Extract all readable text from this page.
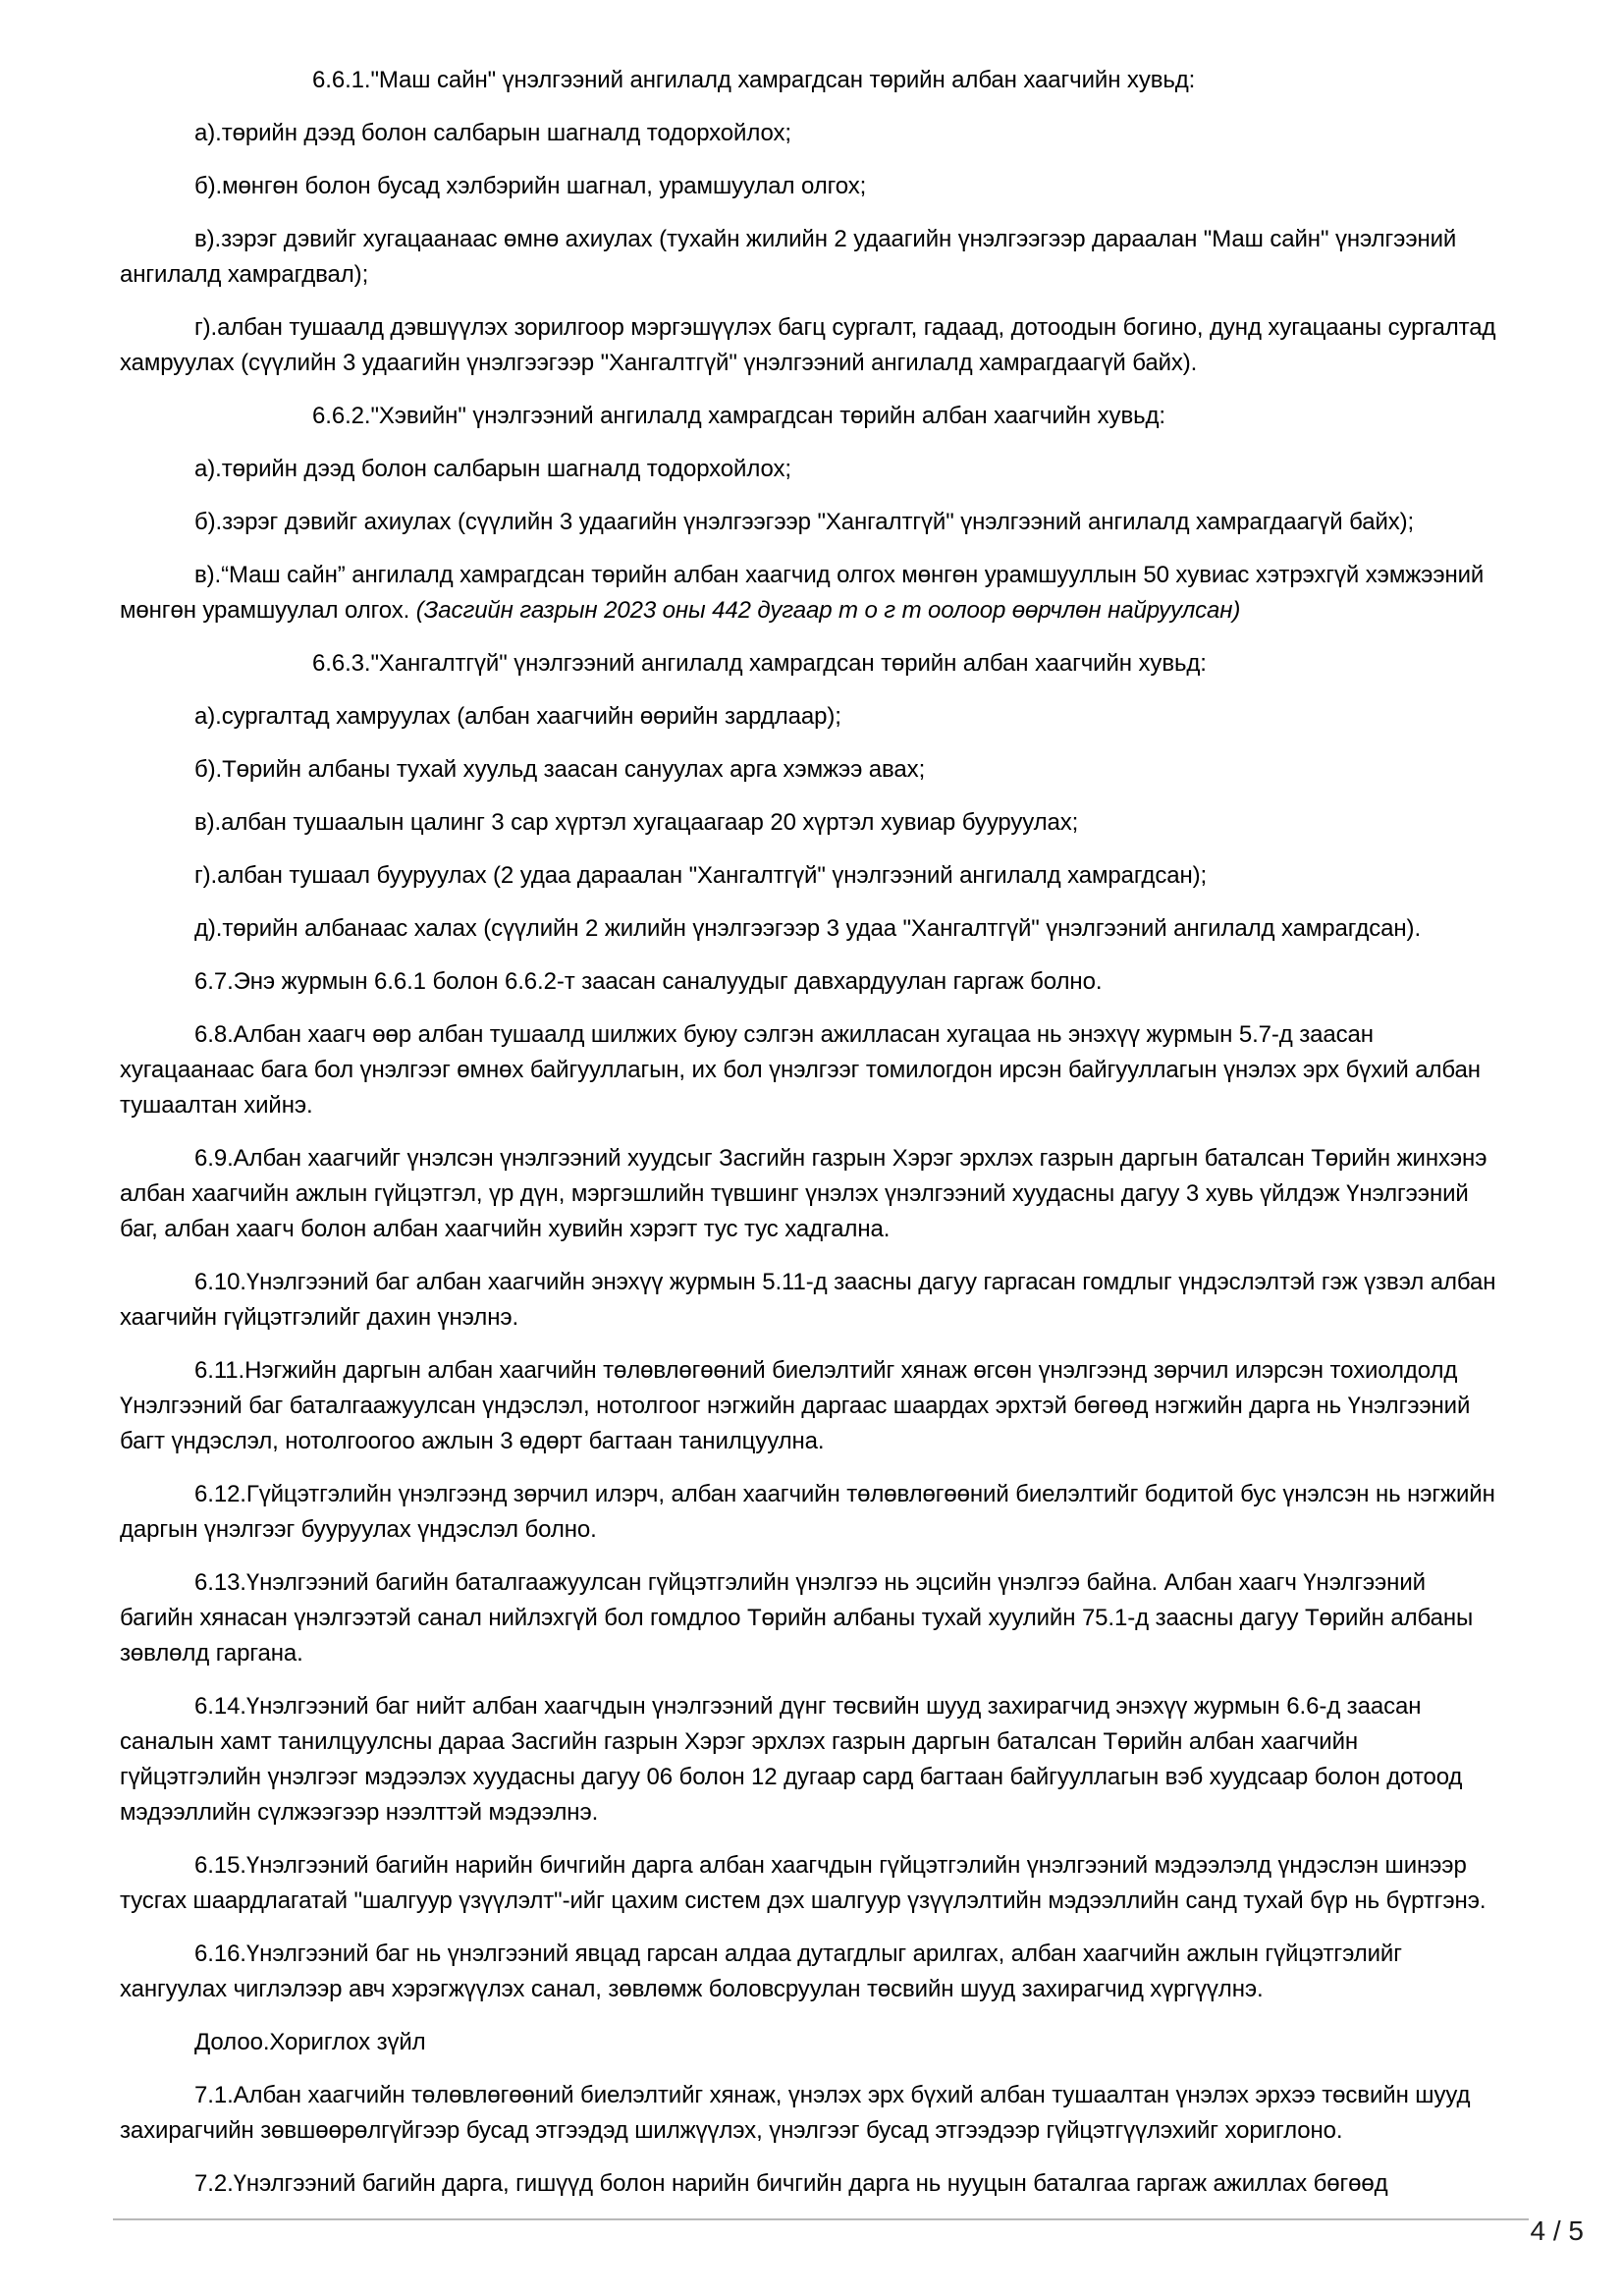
6.6.1."Маш сайн" үнэлгээний ангилалд хамрагдсан төрийн албан хаагчийн хувьд:

а).төрийн дээд болон салбарын шагналд тодорхойлох;

б).мөнгөн болон бусад хэлбэрийн шагнал, урамшуулал олгох;

в).зэрэг дэвийг хугацаанаас өмнө ахиулах (тухайн жилийн 2 удаагийн үнэлгээгээр дараалан "Маш сайн" үнэлгээний ангилалд хамрагдвал);

г).албан тушаалд дэвшүүлэх зорилгоор мэргэшүүлэх багц сургалт, гадаад, дотоодын богино, дунд хугацааны сургалтад хамруулах (сүүлийн 3 удаагийн үнэлгээгээр "Хангалтгүй" үнэлгээний ангилалд хамрагдаагүй байх).

6.6.2."Хэвийн" үнэлгээний ангилалд хамрагдсан төрийн албан хаагчийн хувьд:

а).төрийн дээд болон салбарын шагналд тодорхойлох;

б).зэрэг дэвийг ахиулах (сүүлийн 3 удаагийн үнэлгээгээр "Хангалтгүй" үнэлгээний ангилалд хамрагдаагүй байх);

в).“Маш сайн” ангилалд хамрагдсан төрийн албан хаагчид олгох мөнгөн урамшууллын 50 хувиас хэтрэхгүй хэмжээний мөнгөн урамшуулал олгох. (Засгийн газрын 2023 оны 442 дугаар т о г т оолоор өөрчлөн найруулсан)

6.6.3."Хангалтгүй" үнэлгээний ангилалд хамрагдсан төрийн албан хаагчийн хувьд:

а).сургалтад хамруулах (албан хаагчийн өөрийн зардлаар);

б).Төрийн албаны тухай хуульд заасан сануулах арга хэмжээ авах;

в).албан тушаалын цалинг 3 сар хүртэл хугацаагаар 20 хүртэл хувиар бууруулах;

г).албан тушаал бууруулах (2 удаа дараалан "Хангалтгүй" үнэлгээний ангилалд хамрагдсан);

д).төрийн албанаас халах (сүүлийн 2 жилийн үнэлгээгээр 3 удаа "Хангалтгүй" үнэлгээний ангилалд хамрагдсан).

6.7.Энэ журмын 6.6.1 болон 6.6.2-т заасан саналуудыг давхардуулан гаргаж болно.

6.8.Албан хаагч өөр албан тушаалд шилжих буюу сэлгэн ажилласан хугацаа нь энэхүү журмын 5.7-д заасан хугацаанаас бага бол үнэлгээг өмнөх байгууллагын, их бол үнэлгээг томилогдон ирсэн байгууллагын үнэлэх эрх бүхий албан тушаалтан хийнэ.

6.9.Албан хаагчийг үнэлсэн үнэлгээний хуудсыг Засгийн газрын Хэрэг эрхлэх газрын даргын баталсан Төрийн жинхэнэ албан хаагчийн ажлын гүйцэтгэл, үр дүн, мэргэшлийн түвшинг үнэлэх үнэлгээний хуудасны дагуу 3 хувь үйлдэж Үнэлгээний баг, албан хаагч болон албан хаагчийн хувийн хэрэгт тус тус хадгална.

6.10.Үнэлгээний баг албан хаагчийн энэхүү журмын 5.11-д заасны дагуу гаргасан гомдлыг үндэслэлтэй гэж үзвэл албан хаагчийн гүйцэтгэлийг дахин үнэлнэ.

6.11.Нэгжийн даргын албан хаагчийн төлөвлөгөөний биелэлтийг хянаж өгсөн үнэлгээнд зөрчил илэрсэн тохиолдолд Үнэлгээний баг баталгаажуулсан үндэслэл, нотолгоог нэгжийн даргаас шаардах эрхтэй бөгөөд нэгжийн дарга нь Үнэлгээний багт үндэслэл, нотолгоогоо ажлын 3 өдөрт багтаан танилцуулна.

6.12.Гүйцэтгэлийн үнэлгээнд зөрчил илэрч, албан хаагчийн төлөвлөгөөний биелэлтийг бодитой бус үнэлсэн нь нэгжийн даргын үнэлгээг бууруулах үндэслэл болно.

6.13.Үнэлгээний багийн баталгаажуулсан гүйцэтгэлийн үнэлгээ нь эцсийн үнэлгээ байна. Албан хаагч Үнэлгээний багийн хянасан үнэлгээтэй санал нийлэхгүй бол гомдлоо Төрийн албаны тухай хуулийн 75.1-д заасны дагуу Төрийн албаны зөвлөлд гаргана.

6.14.Үнэлгээний баг нийт албан хаагчдын үнэлгээний дүнг төсвийн шууд захирагчид энэхүү журмын 6.6-д заасан саналын хамт танилцуулсны дараа Засгийн газрын Хэрэг эрхлэх газрын даргын баталсан Төрийн албан хаагчийн гүйцэтгэлийн үнэлгээг мэдээлэх хуудасны дагуу 06 болон 12 дугаар сард багтаан байгууллагын вэб хуудсаар болон дотоод мэдээллийн сүлжээгээр нээлттэй мэдээлнэ.

6.15.Үнэлгээний багийн нарийн бичгийн дарга албан хаагчдын гүйцэтгэлийн үнэлгээний мэдээлэлд үндэслэн шинээр тусгах шаардлагатай "шалгуур үзүүлэлт"-ийг цахим систем дэх шалгуур үзүүлэлтийн мэдээллийн санд тухай бүр нь бүртгэнэ.

6.16.Үнэлгээний баг нь үнэлгээний явцад гарсан алдаа дутагдлыг арилгах, албан хаагчийн ажлын гүйцэтгэлийг хангуулах чиглэлээр авч хэрэгжүүлэх санал, зөвлөмж боловсруулан төсвийн шууд захирагчид хүргүүлнэ.

Долоо.Хориглох зүйл

7.1.Албан хаагчийн төлөвлөгөөний биелэлтийг хянаж, үнэлэх эрх бүхий албан тушаалтан үнэлэх эрхээ төсвийн шууд захирагчийн зөвшөөрөлгүйгээр бусад этгээдэд шилжүүлэх, үнэлгээг бусад этгээдээр гүйцэтгүүлэхийг хориглоно.

7.2.Үнэлгээний багийн дарга, гишүүд болон нарийн бичгийн дарга нь нууцын баталгаа гаргаж ажиллах бөгөөд

4 / 5
